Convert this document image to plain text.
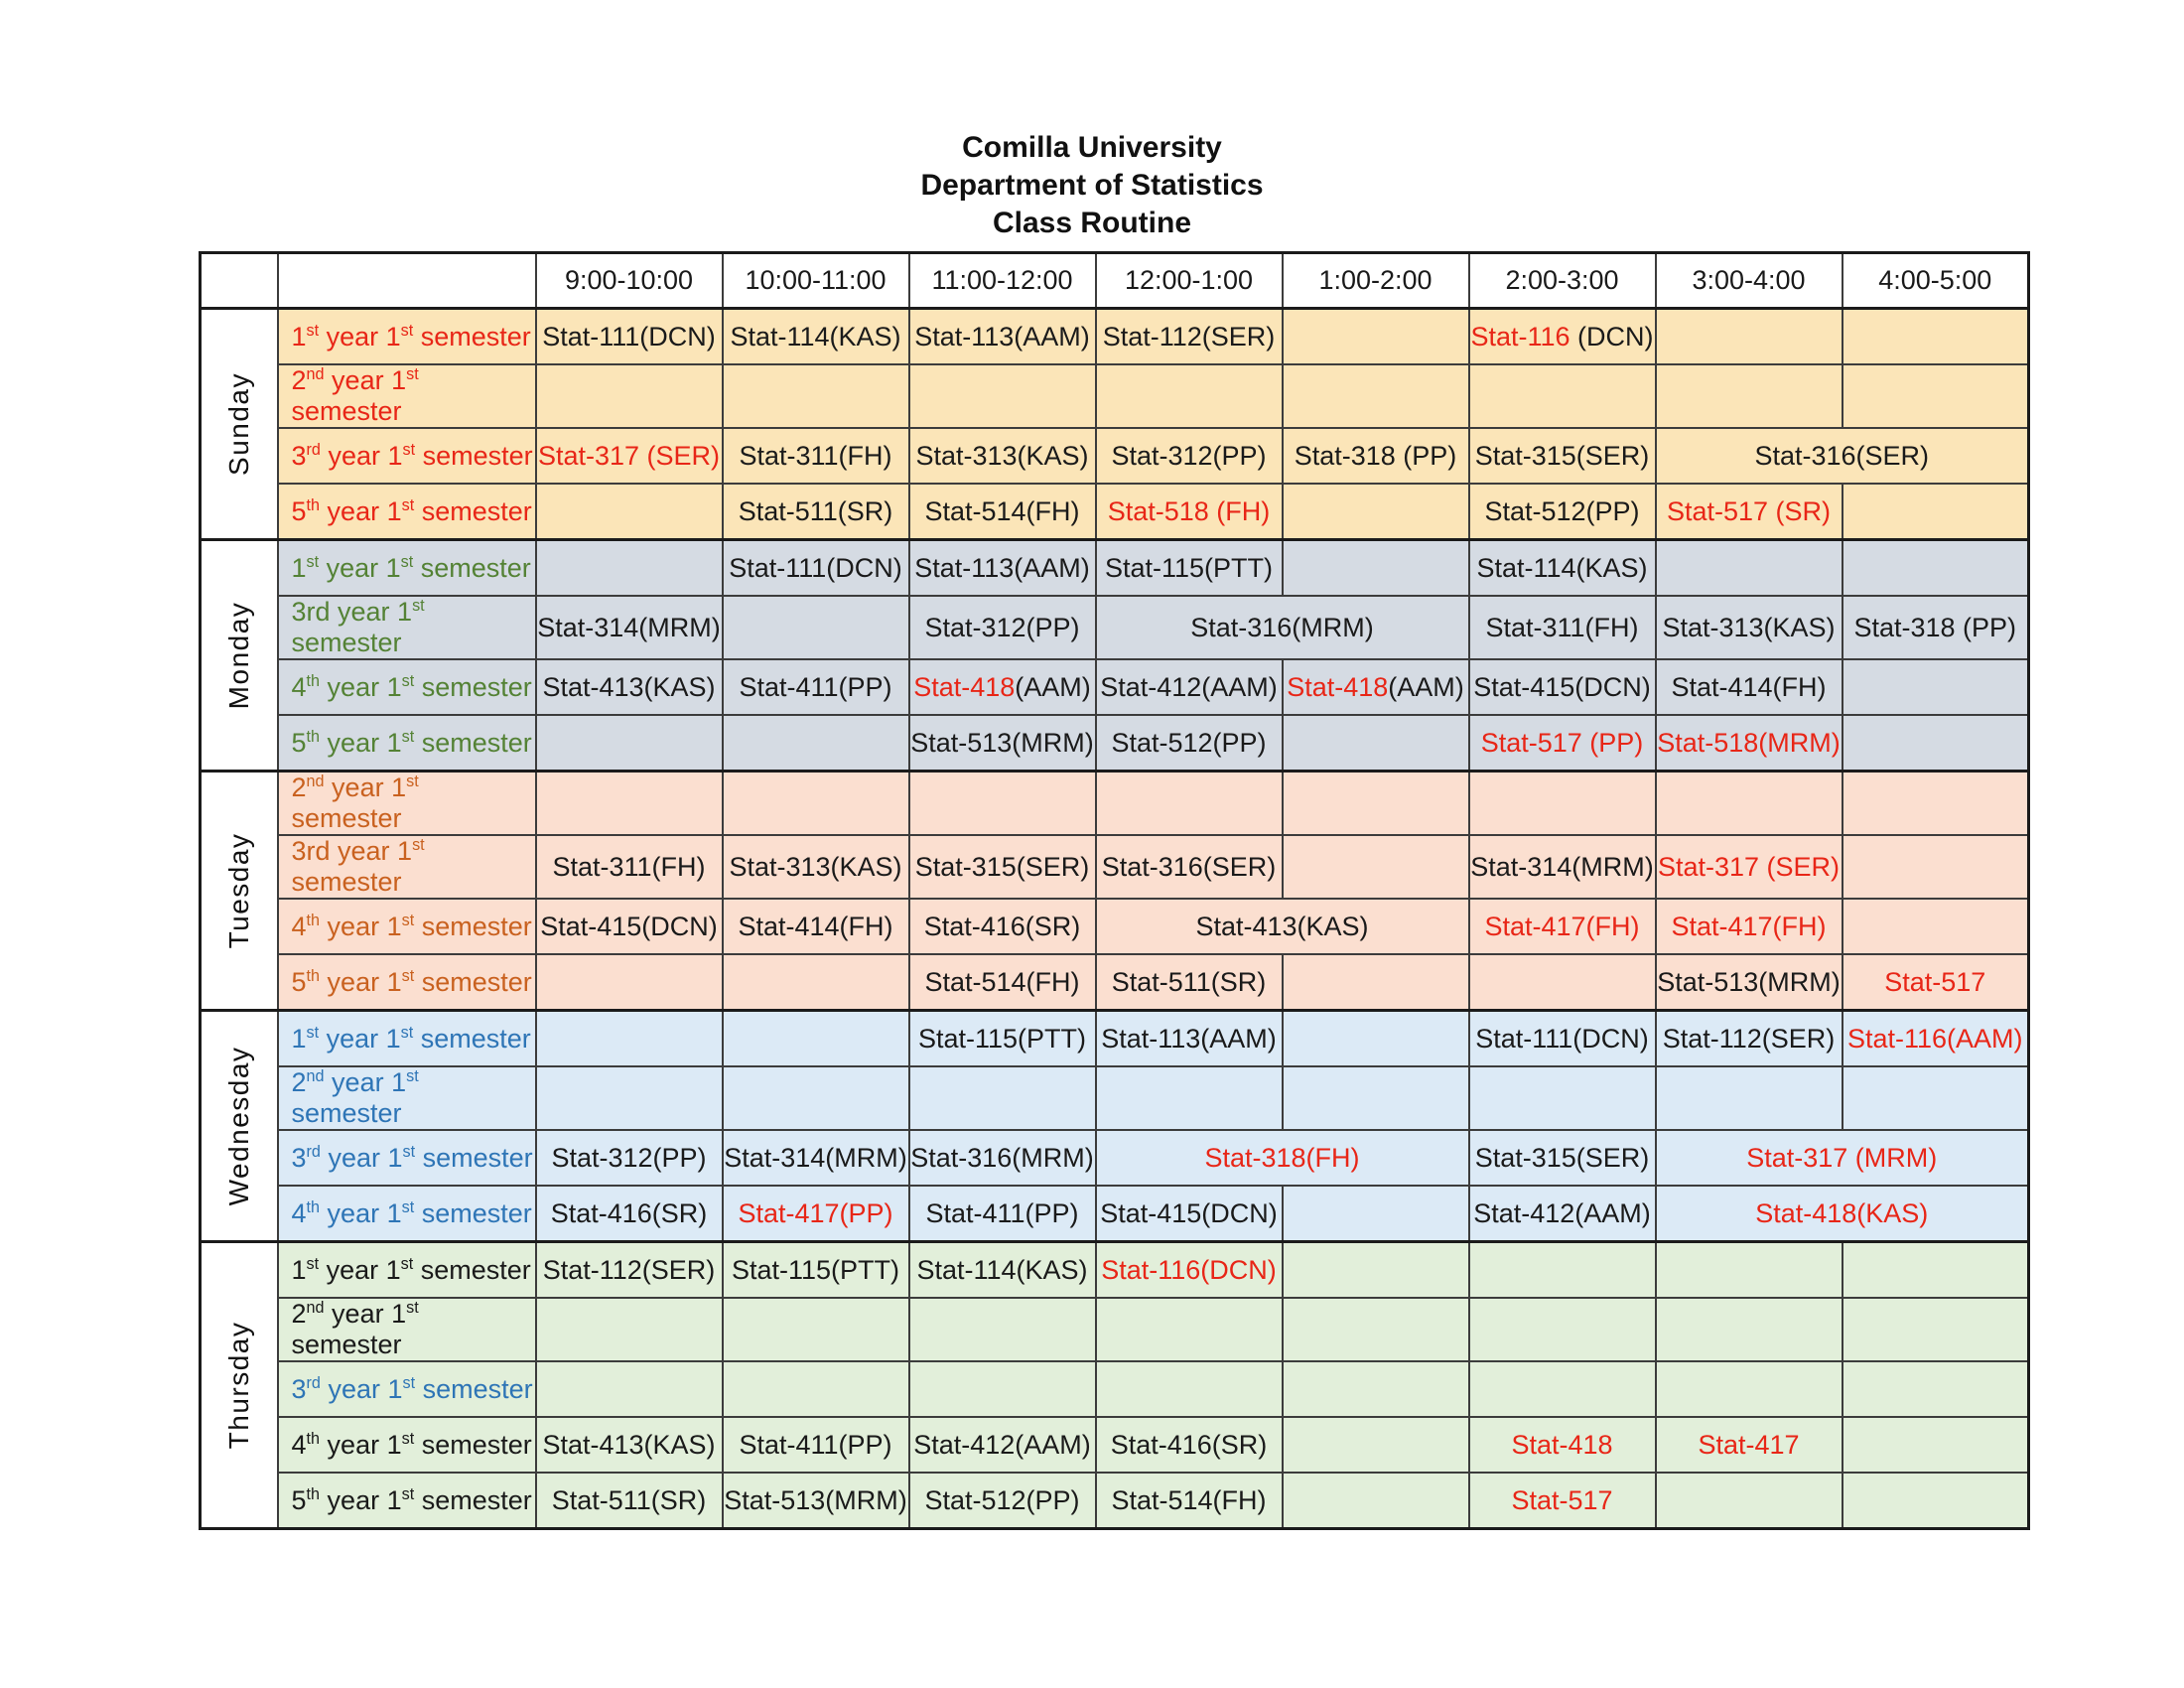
Comilla University
Department of Statistics
Class Routine
		9:00-10:00	10:00-11:00	11:00-12:00	12:00-1:00	1:00-2:00	2:00-3:00	3:00-4:00	4:00-5:00

Sunday	1st year 1st semester	Stat-111(DCN)	Stat-114(KAS)	Stat-113(AAM)	Stat-112(SER)		Stat-116 (DCN)		
	2nd year 1st semester								
	3rd year 1st semester	Stat-317 (SER)	Stat-311(FH)	Stat-313(KAS)	Stat-312(PP)	Stat-318 (PP)	Stat-315(SER)	Stat-316(SER)	
	5th year 1st semester		Stat-511(SR)	Stat-514(FH)	Stat-518 (FH)		Stat-512(PP)	Stat-517 (SR)	

Monday	1st year 1st semester		Stat-111(DCN)	Stat-113(AAM)	Stat-115(PTT)		Stat-114(KAS)		
	3rd year 1st semester	Stat-314(MRM)		Stat-312(PP)	Stat-316(MRM)		Stat-311(FH)	Stat-313(KAS)	Stat-318 (PP)
	4th year 1st semester	Stat-413(KAS)	Stat-411(PP)	Stat-418(AAM)	Stat-412(AAM)	Stat-418(AAM)	Stat-415(DCN)	Stat-414(FH)	
	5th year 1st semester			Stat-513(MRM)	Stat-512(PP)		Stat-517 (PP)	Stat-518(MRM)	

Tuesday	2nd year 1st semester								
	3rd year 1st semester	Stat-311(FH)	Stat-313(KAS)	Stat-315(SER)	Stat-316(SER)		Stat-314(MRM)	Stat-317 (SER)	
	4th year 1st semester	Stat-415(DCN)	Stat-414(FH)	Stat-416(SR)	Stat-413(KAS)		Stat-417(FH)	Stat-417(FH)	
	5th year 1st semester			Stat-514(FH)	Stat-511(SR)			Stat-513(MRM)	Stat-517

Wednesday	1st year 1st semester			Stat-115(PTT)	Stat-113(AAM)		Stat-111(DCN)	Stat-112(SER)	Stat-116(AAM)
	2nd year 1st semester								
	3rd year 1st semester	Stat-312(PP)	Stat-314(MRM)	Stat-316(MRM)	Stat-318(FH)		Stat-315(SER)	Stat-317 (MRM)	
	4th year 1st semester	Stat-416(SR)	Stat-417(PP)	Stat-411(PP)	Stat-415(DCN)		Stat-412(AAM)	Stat-418(KAS)	

Thursday	1st year 1st semester	Stat-112(SER)	Stat-115(PTT)	Stat-114(KAS)	Stat-116(DCN)				
	2nd year 1st semester								
	3rd year 1st semester								
	4th year 1st semester	Stat-413(KAS)	Stat-411(PP)	Stat-412(AAM)	Stat-416(SR)		Stat-418	Stat-417	
	5th year 1st semester	Stat-511(SR)	Stat-513(MRM)	Stat-512(PP)	Stat-514(FH)		Stat-517		
